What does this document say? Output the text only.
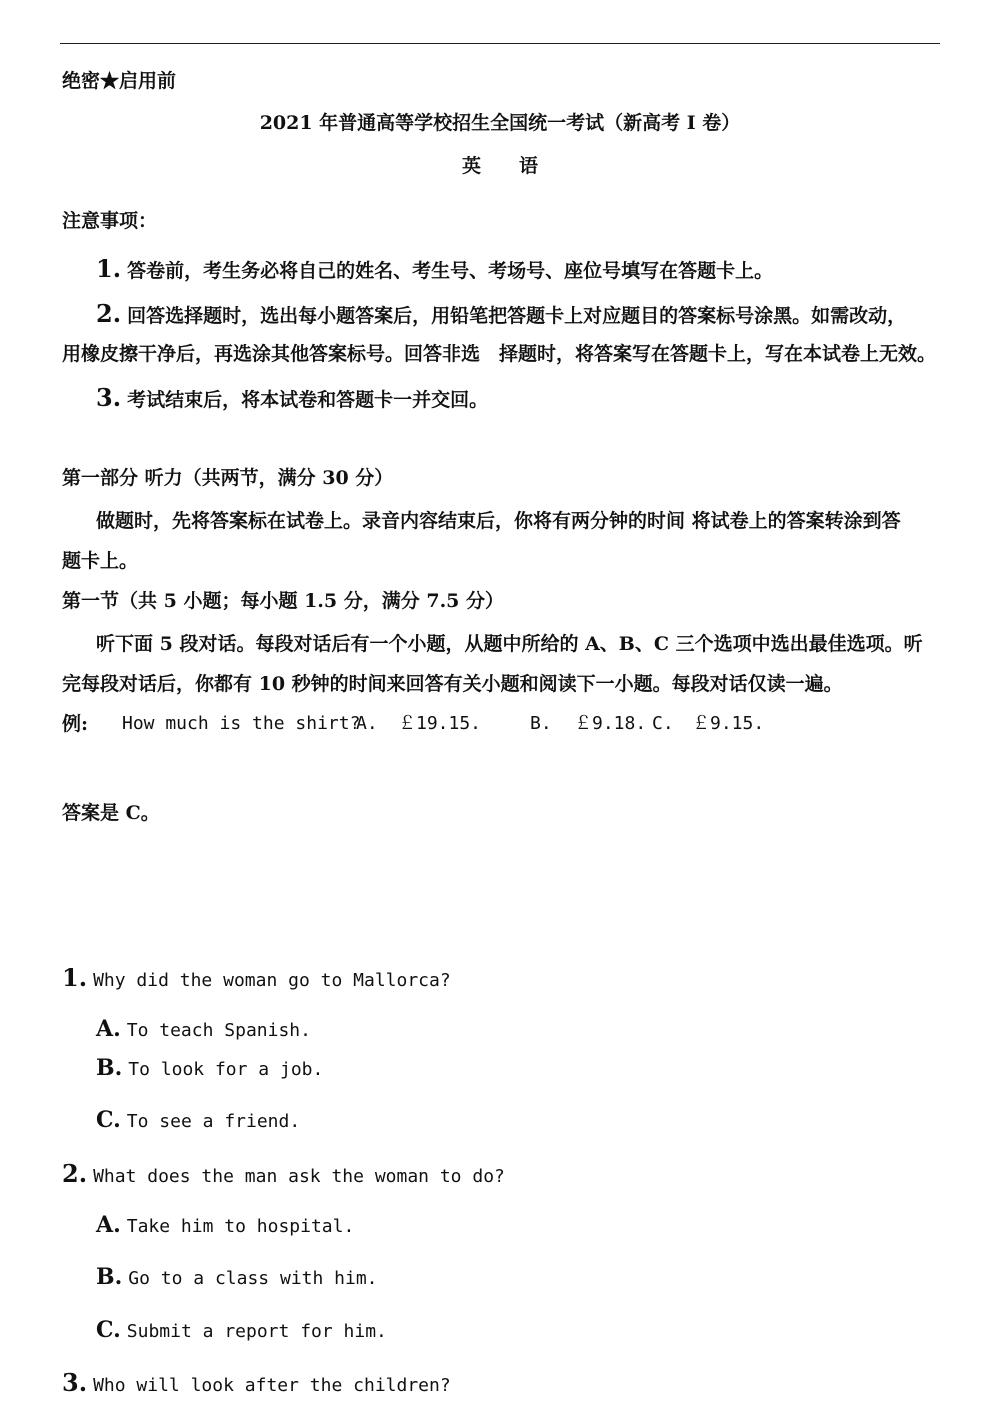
绝密★启用前
2021 年普通高等学校招生全国统一考试（新高考 I 卷）
英　　语
注意事项：
1. 答卷前，考生务必将自己的姓名、考生号、考场号、座位号填写在答题卡上。
2. 回答选择题时，选出每小题答案后，用铅笔把答题卡上对应题目的答案标号涂黑。如需改动，
用橡皮擦干净后，再选涂其他答案标号。回答非选　择题时，将答案写在答题卡上，写在本试卷上无效。
3. 考试结束后，将本试卷和答题卡一并交回。
第一部分 听力（共两节，满分 30 分）
做题时，先将答案标在试卷上。录音内容结束后，你将有两分钟的时间 将试卷上的答案转涂到答
题卡上。
第一节（共 5 小题；每小题 1.5 分，满分 7.5 分）
听下面 5 段对话。每段对话后有一个小题，从题中所给的 A、B、C 三个选项中选出最佳选项。听
完每段对话后，你都有 10 秒钟的时间来回答有关小题和阅读下一小题。每段对话仅读一遍。
例: How much is the shirt?
A. ￡19.15.	B. ￡9.18. C. ￡9.15.
答案是 C。
1. Why did the woman go to Mallorca?
A. To teach Spanish.
B. To look for a job.
C. To see a friend.
2. What does the man ask the woman to do?
A. Take him to hospital.
B. Go to a class with him.
C. Submit a report for him.
3. Who will look after the children?
